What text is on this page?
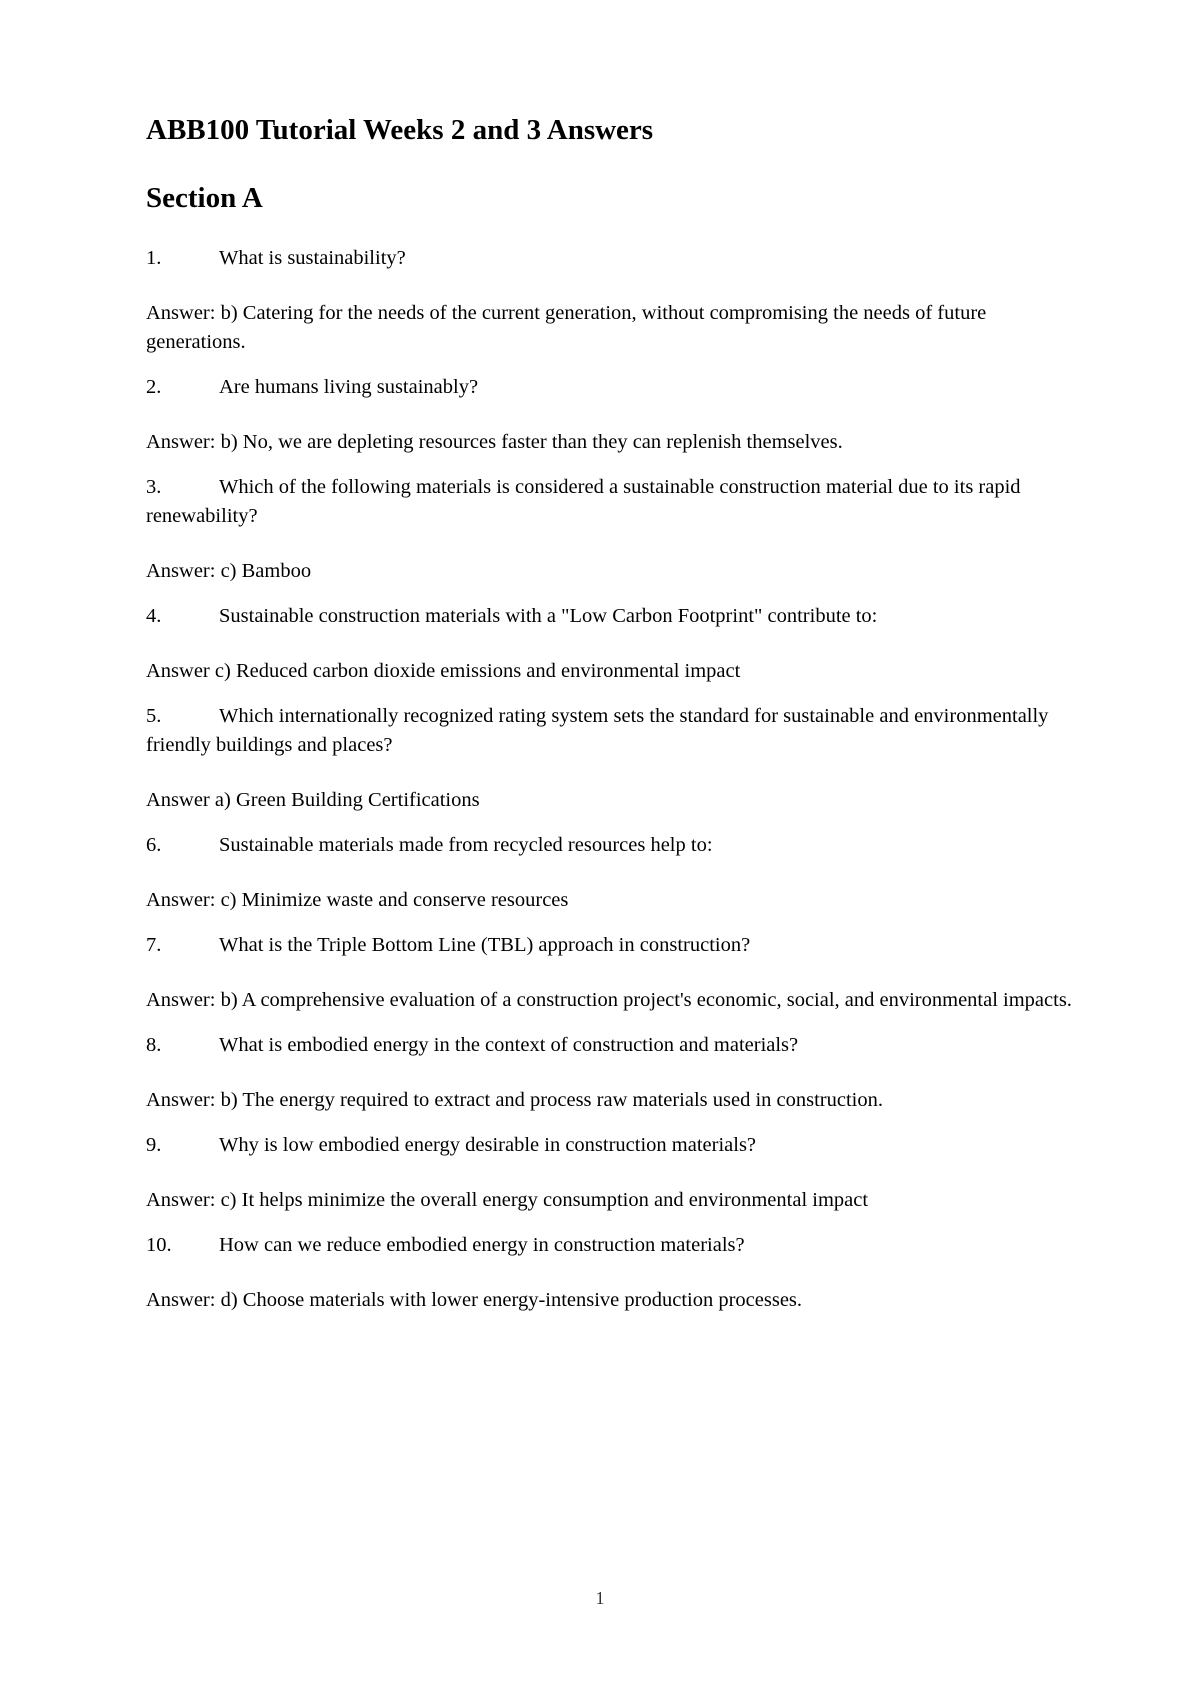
ABB100 Tutorial Weeks 2 and 3 Answers
Section A

1.	What is sustainability?

Answer: b) Catering for the needs of the current generation, without compromising the needs of future generations.

2.	Are humans living sustainably?

Answer: b) No, we are depleting resources faster than they can replenish themselves.

3.	Which of the following materials is considered a sustainable construction material due to its rapid renewability?

Answer: c) Bamboo

4.	Sustainable construction materials with a "Low Carbon Footprint" contribute to:

Answer c) Reduced carbon dioxide emissions and environmental impact

5.	Which internationally recognized rating system sets the standard for sustainable and environmentally friendly buildings and places?

Answer a) Green Building Certifications

6.	Sustainable materials made from recycled resources help to:

Answer: c) Minimize waste and conserve resources

7.	What is the Triple Bottom Line (TBL) approach in construction?

Answer: b) A comprehensive evaluation of a construction project's economic, social, and environmental impacts.

8.	What is embodied energy in the context of construction and materials?

Answer: b) The energy required to extract and process raw materials used in construction.

9.	Why is low embodied energy desirable in construction materials?

Answer: c) It helps minimize the overall energy consumption and environmental impact

10. How can we reduce embodied energy in construction materials?

Answer: d) Choose materials with lower energy-intensive production processes.

1
